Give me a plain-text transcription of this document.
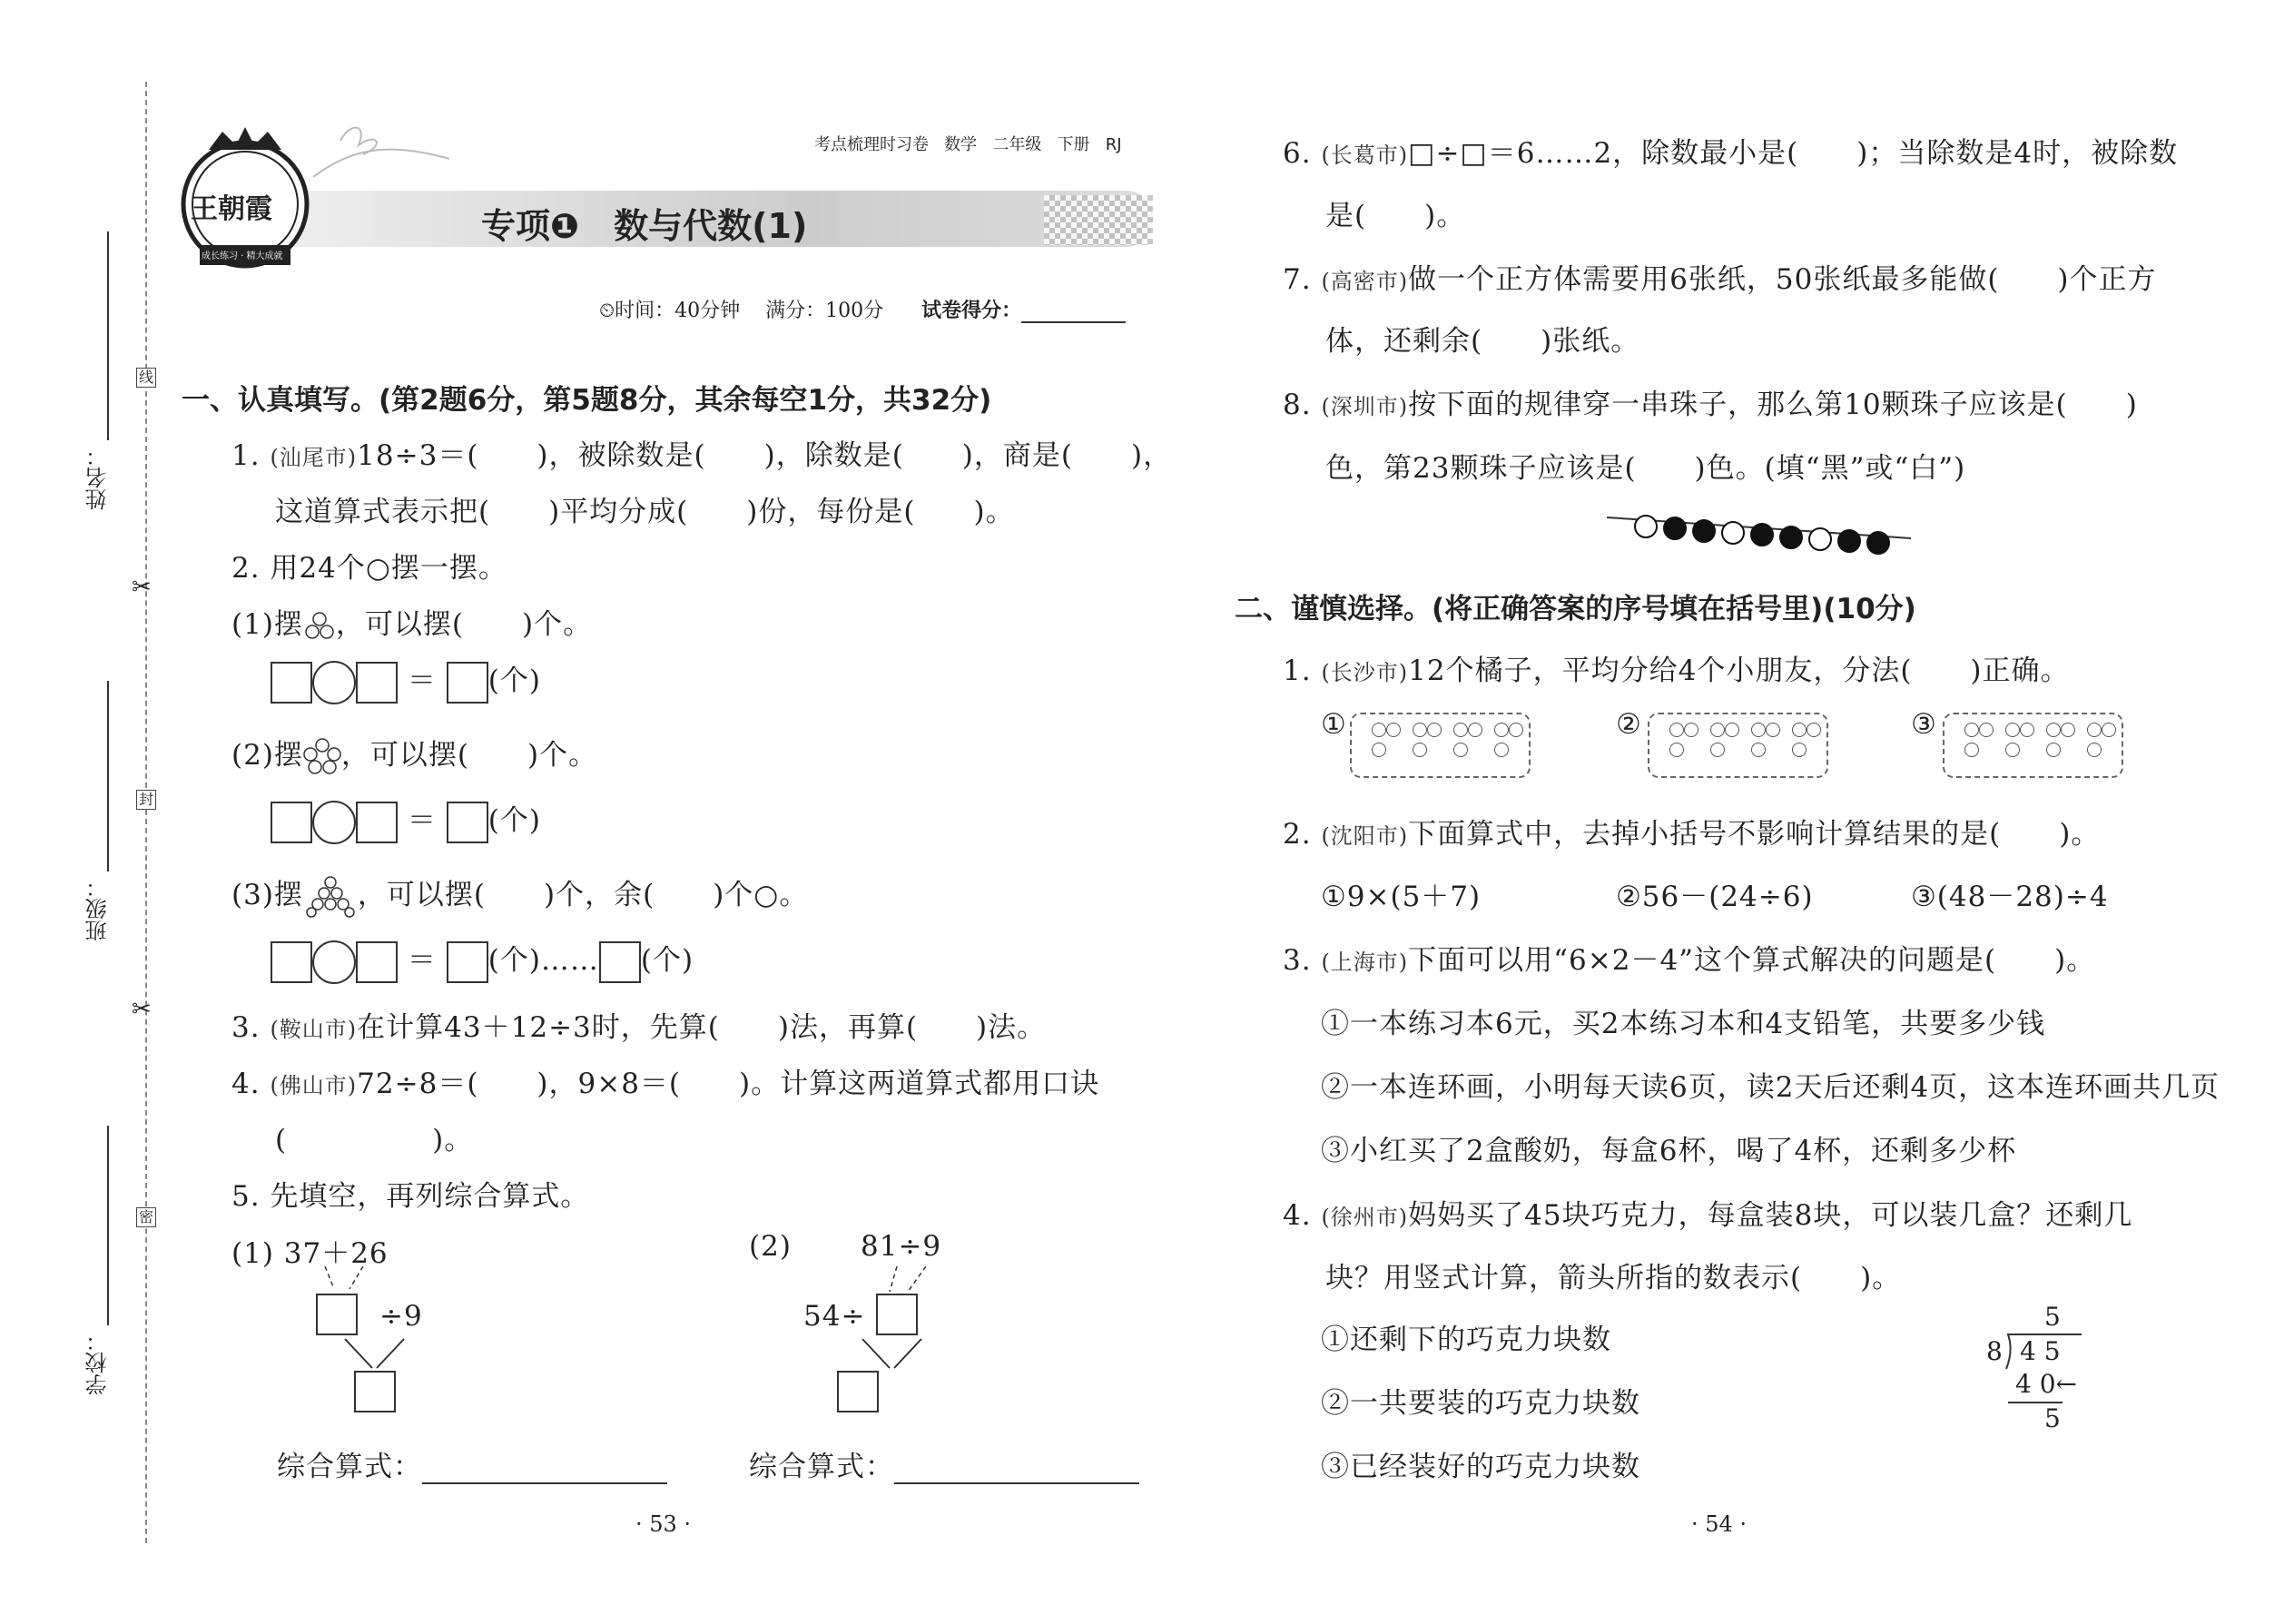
姓名：
班级：
学校：
线
封
密
✂
✂
王朝霞
成长练习 · 精大成就
考点梳理时习卷 数学 二年级 下册 RJ
专项❶　数与代数(1)
⏲时间：40分钟 满分：100分 试卷得分：
一、认真填写。(第2题6分，第5题8分，其余每空1分，共32分)
1. (汕尾市)18÷3＝(　　)，被除数是(　　)，除数是(　　)，商是(　　)，
这道算式表示把(　　)平均分成(　　)份，每份是(　　)。
2. 用24个○摆一摆。
(1)摆 ，可以摆(　　)个。
＝ (个)
(2)摆 ，可以摆(　　)个。
＝ (个)
(3)摆 ，可以摆(　　)个，余(　　)个○。
＝ (个)…… (个)
3. (鞍山市)在计算43＋12÷3时，先算(　　)法，再算(　　)法。
4. (佛山市)72÷8＝(　　)，9×8＝(　　)。计算这两道算式都用口诀
(　　　　　)。
5. 先填空，再列综合算式。
(1) 37＋26
÷9
(2) 81÷9
54÷
综合算式：	综合算式：
· 53 ·
6. (长葛市)□÷□＝6……2，除数最小是(　　)；当除数是4时，被除数
是(　　)。
7. (高密市)做一个正方体需要用6张纸，50张纸最多能做(　　)个正方
体，还剩余(　　)张纸。
8. (深圳市)按下面的规律穿一串珠子，那么第10颗珠子应该是(　　)
色，第23颗珠子应该是(　　)色。(填“黑”或“白”)
二、谨慎选择。(将正确答案的序号填在括号里)(10分)
1. (长沙市)12个橘子，平均分给4个小朋友，分法(　　)正确。
①	②	③
2. (沈阳市)下面算式中，去掉小括号不影响计算结果的是(　　)。
①9×(5＋7)	②56－(24÷6)	③(48－28)÷4
3. (上海市)下面可以用“6×2－4”这个算式解决的问题是(　　)。
①一本练习本6元，买2本练习本和4支铅笔，共要多少钱
②一本连环画，小明每天读6页，读2天后还剩4页，这本连环画共几页
③小红买了2盒酸奶，每盒6杯，喝了4杯，还剩多少杯
4. (徐州市)妈妈买了45块巧克力，每盒装8块，可以装几盒？还剩几
块？用竖式计算，箭头所指的数表示(　　)。
①还剩下的巧克力块数
②一共要装的巧克力块数
③已经装好的巧克力块数
5
8 4 5
4 0←
5
· 54 ·
